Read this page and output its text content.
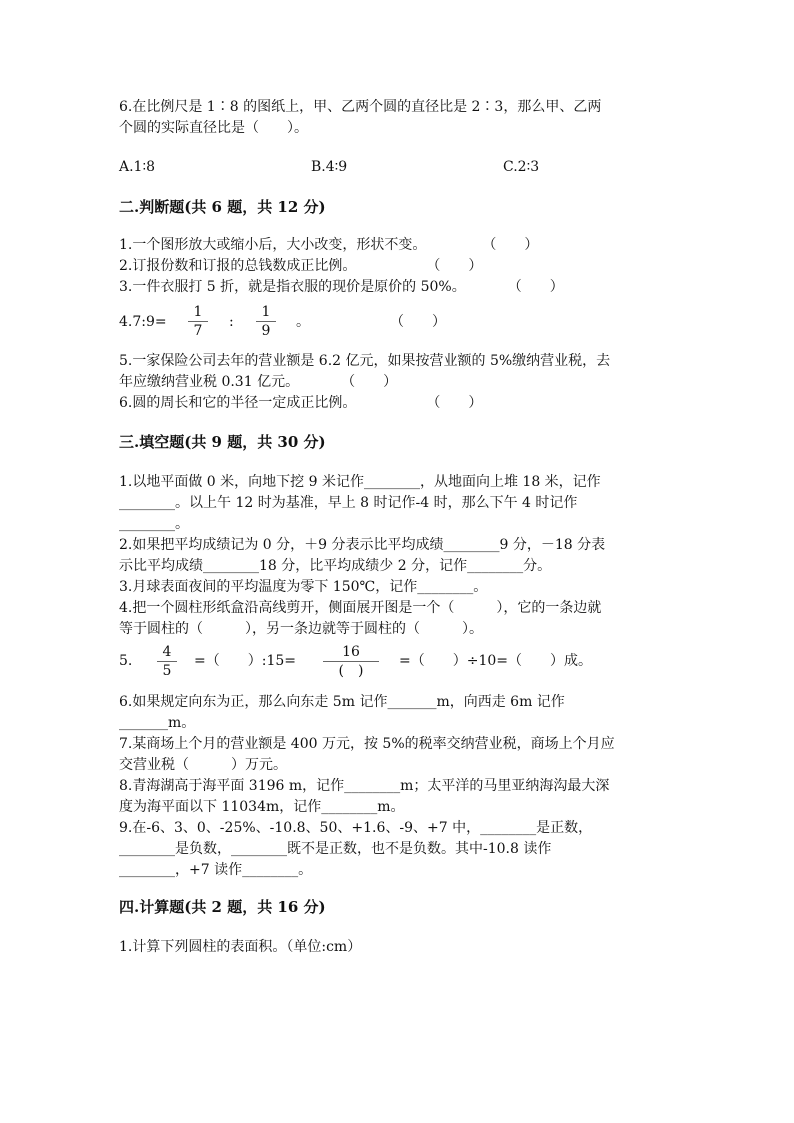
6.在比例尺是 1∶8 的图纸上，甲、乙两个圆的直径比是 2∶3，那么甲、乙两
个圆的实际直径比是（　　）。
A.1∶8	B.4∶9	C.2∶3
二.判断题(共 6 题，共 12 分)
1.一个图形放大或缩小后，大小改变，形状不变。　　　　　（　　）
2.订报份数和订报的总钱数成正比例。　　　　　　（　　）
3.一件衣服打 5 折，就是指衣服的现价是原价的 50%。　　　　（　　）
4.7:9=
1
7
:
1
9
。	（　　）
5.一家保险公司去年的营业额是 6.2 亿元，如果按营业额的 5%缴纳营业税，去
年应缴纳营业税 0.31 亿元。　　　　（　　）
6.圆的周长和它的半径一定成正比例。　　　　　　（　　）
三.填空题(共 9 题，共 30 分)
1.以地平面做 0 米，向地下挖 9 米记作________，从地面向上堆 18 米，记作
________。以上午 12 时为基准，早上 8 时记作-4 时，那么下午 4 时记作
________。
2.如果把平均成绩记为 0 分，＋9 分表示比平均成绩________9 分，－18 分表
示比平均成绩________18 分，比平均成绩少 2 分，记作________分。
3.月球表面夜间的平均温度为零下 150℃，记作________。
4.把一个圆柱形纸盒沿高线剪开，侧面展开图是一个（　　　），它的一条边就
等于圆柱的（　　　），另一条边就等于圆柱的（　　　）。
5.
4
5
=（　　）:15=
16
(　)
=（　　）÷10=（　　）成。
6.如果规定向东为正，那么向东走 5m 记作_______m，向西走 6m 记作
_______m。
7.某商场上个月的营业额是 400 万元，按 5%的税率交纳营业税，商场上个月应
交营业税（　　　）万元。
8.青海湖高于海平面 3196 m，记作________m；太平洋的马里亚纳海沟最大深
度为海平面以下 11034m，记作________m。
9.在-6、3、0、-25%、-10.8、50、+1.6、-9、+7 中，________是正数，
________是负数，________既不是正数，也不是负数。其中-10.8 读作
________，+7 读作________。
四.计算题(共 2 题，共 16 分)
1.计算下列圆柱的表面积。（单位:cm）
